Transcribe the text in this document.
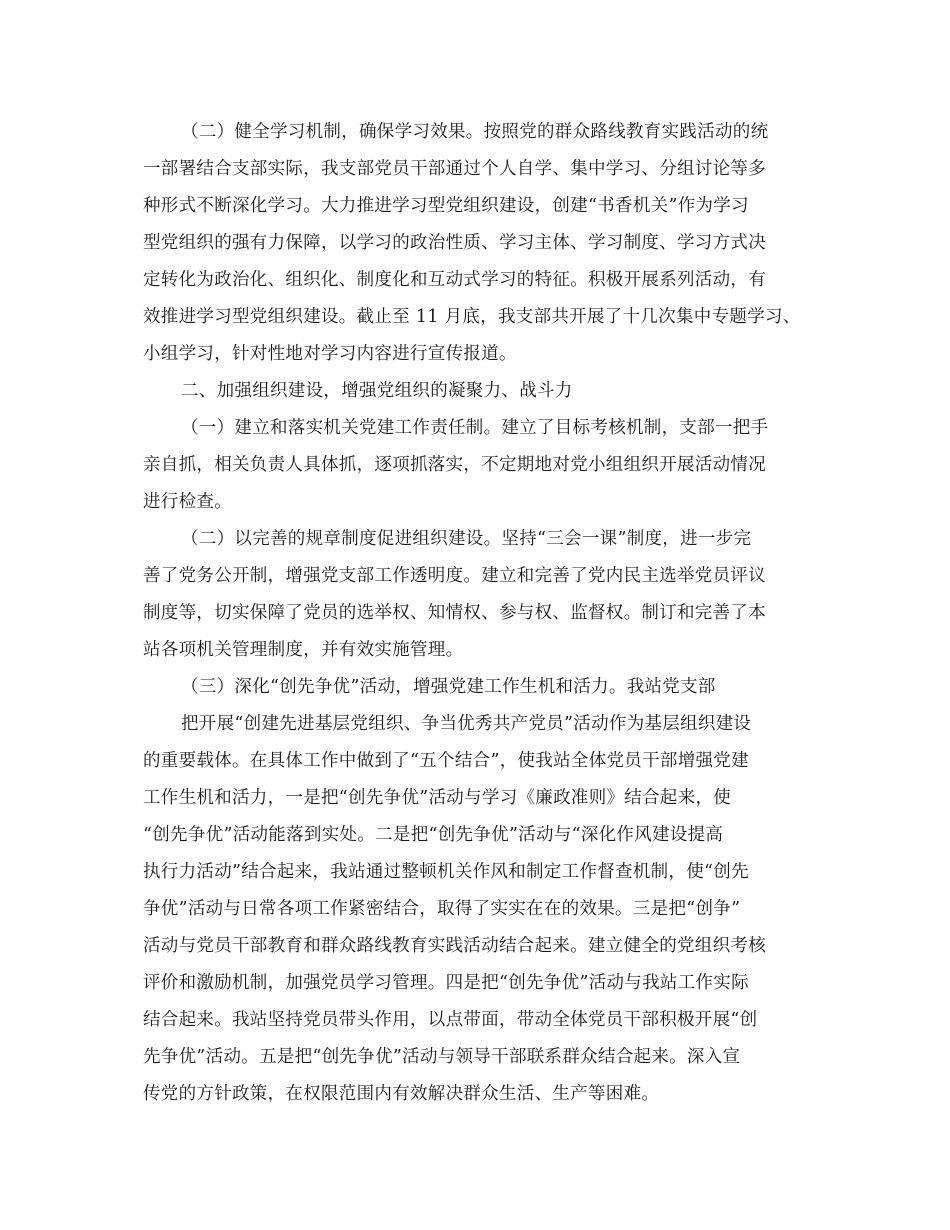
（二）健全学习机制，确保学习效果。按照党的群众路线教育实践活动的统
一部署结合支部实际，我支部党员干部通过个人自学、集中学习、分组讨论等多
种形式不断深化学习。大力推进学习型党组织建设，创建“书香机关”作为学习
型党组织的强有力保障，以学习的政治性质、学习主体、学习制度、学习方式决
定转化为政治化、组织化、制度化和互动式学习的特征。积极开展系列活动，有
效推进学习型党组织建设。截止至 11 月底，我支部共开展了十几次集中专题学习、
小组学习，针对性地对学习内容进行宣传报道。
二、加强组织建设，增强党组织的凝聚力、战斗力
（一）建立和落实机关党建工作责任制。建立了目标考核机制，支部一把手
亲自抓，相关负责人具体抓，逐项抓落实，不定期地对党小组组织开展活动情况
进行检查。
（二）以完善的规章制度促进组织建设。坚持“三会一课”制度，进一步完
善了党务公开制，增强党支部工作透明度。建立和完善了党内民主选举党员评议
制度等，切实保障了党员的选举权、知情权、参与权、监督权。制订和完善了本
站各项机关管理制度，并有效实施管理。
（三）深化“创先争优”活动，增强党建工作生机和活力。我站党支部
把开展“创建先进基层党组织、争当优秀共产党员”活动作为基层组织建设
的重要载体。在具体工作中做到了“五个结合”，使我站全体党员干部增强党建
工作生机和活力，一是把“创先争优”活动与学习《廉政准则》结合起来，使
“创先争优”活动能落到实处。二是把“创先争优”活动与“深化作风建设提高
执行力活动”结合起来，我站通过整顿机关作风和制定工作督查机制，使“创先
争优”活动与日常各项工作紧密结合，取得了实实在在的效果。三是把“创争”
活动与党员干部教育和群众路线教育实践活动结合起来。建立健全的党组织考核
评价和激励机制，加强党员学习管理。四是把“创先争优”活动与我站工作实际
结合起来。我站坚持党员带头作用，以点带面，带动全体党员干部积极开展“创
先争优”活动。五是把“创先争优”活动与领导干部联系群众结合起来。深入宣
传党的方针政策，在权限范围内有效解决群众生活、生产等困难。
